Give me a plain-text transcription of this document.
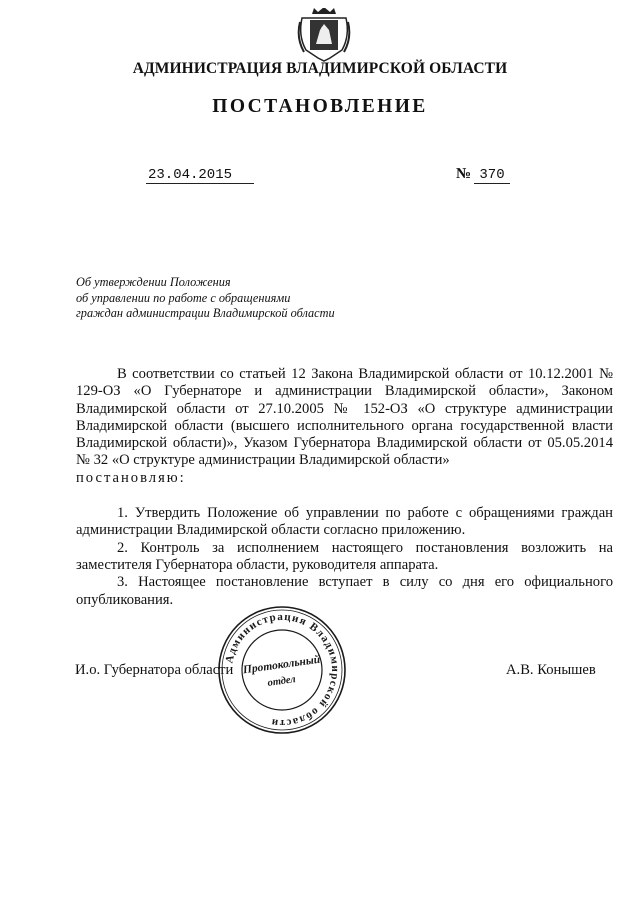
АДМИНИСТРАЦИЯ ВЛАДИМИРСКОЙ ОБЛАСТИ
ПОСТАНОВЛЕНИЕ
23.04.2015	№ 370
Об утверждении Положения
об управлении по работе с обращениями
граждан администрации Владимирской области

В соответствии со статьей 12 Закона Владимирской области от 10.12.2001 № 129-ОЗ «О Губернаторе и администрации Владимирской области», Законом Владимирской области от 27.10.2005 № 152-ОЗ «О структуре администрации Владимирской области (высшего исполнительного органа государственной власти Владимирской области)», Указом Губернатора Владимирской области от 05.05.2014 № 32 «О структуре администрации Владимирской области»

постановляю:

1. Утвердить Положение об управлении по работе с обращениями граждан администрации Владимирской области согласно приложению.

2. Контроль за исполнением настоящего постановления возложить на заместителя Губернатора области, руководителя аппарата.

3. Настоящее постановление вступает в силу со дня его официального опубликования.

И.о. Губернатора области	А.В. Конышев
Администрация Владимирской области
Протокольный
отдел
